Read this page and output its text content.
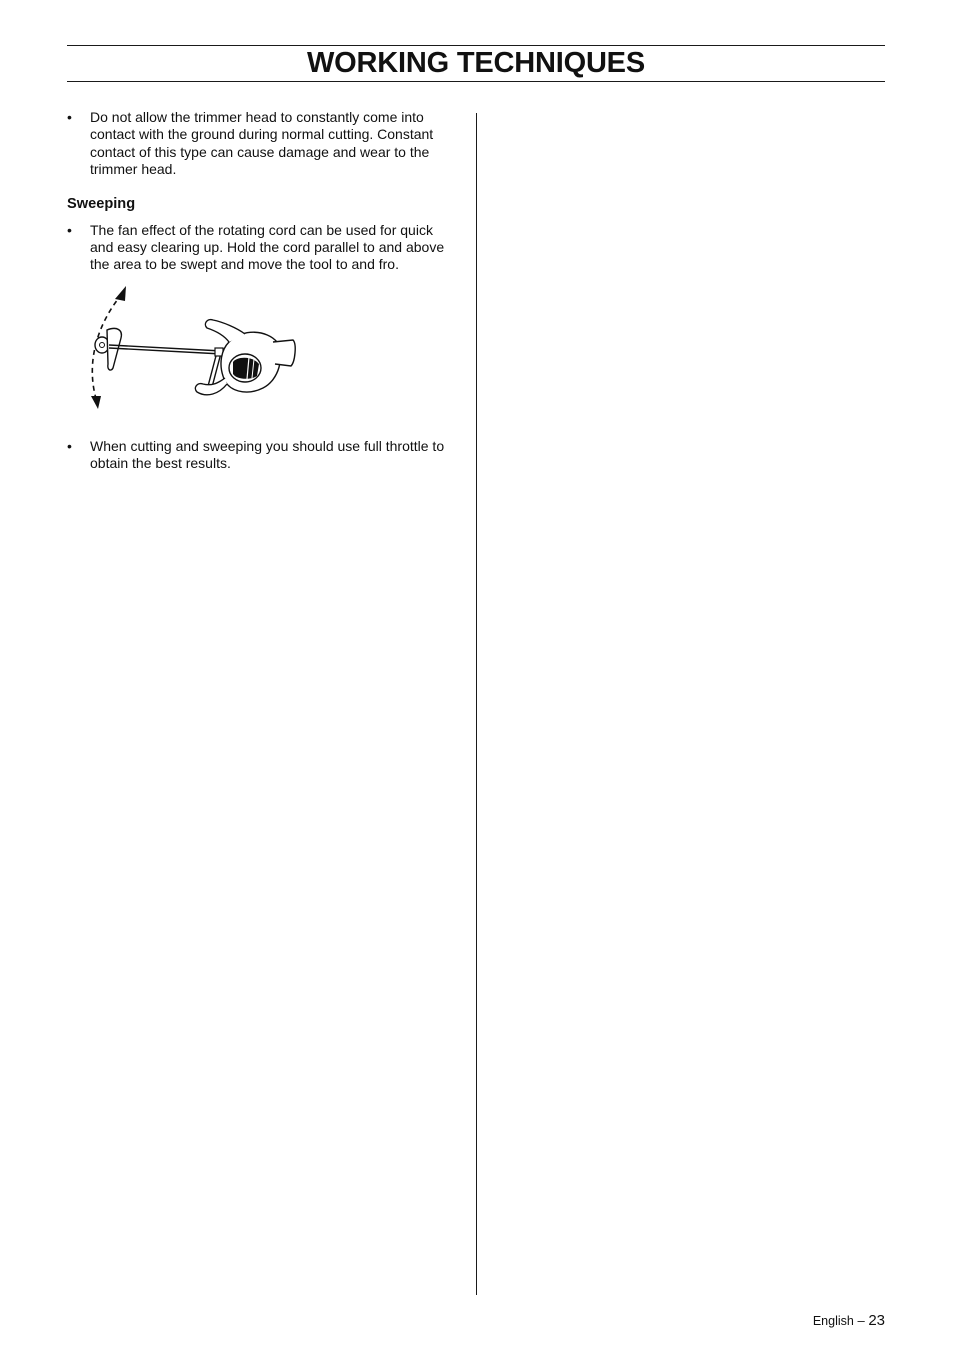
WORKING TECHNIQUES

• Do not allow the trimmer head to constantly come into contact with the ground during normal cutting. Constant contact of this type can cause damage and wear to the trimmer head.

Sweeping

• The fan effect of the rotating cord can be used for quick and easy clearing up. Hold the cord parallel to and above the area to be swept and move the tool to and fro.

• When cutting and sweeping you should use full throttle to obtain the best results.

English – 23
